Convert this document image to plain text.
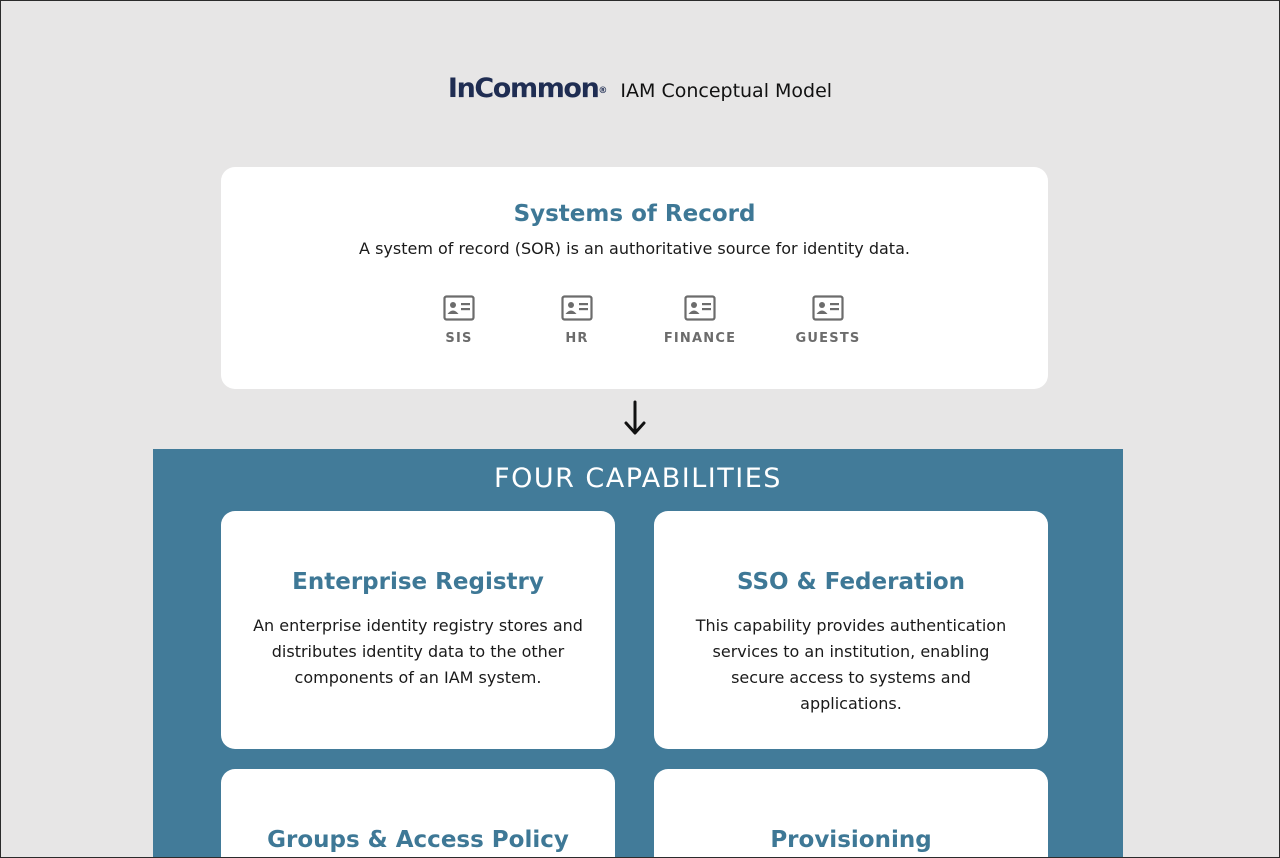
InCommon ® IAM Conceptual Model
Systems of Record
A system of record (SOR) is an authoritative source for identity data.
SIS	HR	FINANCE	GUESTS
FOUR CAPABILITIES
Enterprise Registry
An enterprise identity registry stores and distributes identity data to the other components of an IAM system.
SSO & Federation
This capability provides authentication services to an institution, enabling secure access to systems and applications.
Groups & Access Policy	Provisioning
